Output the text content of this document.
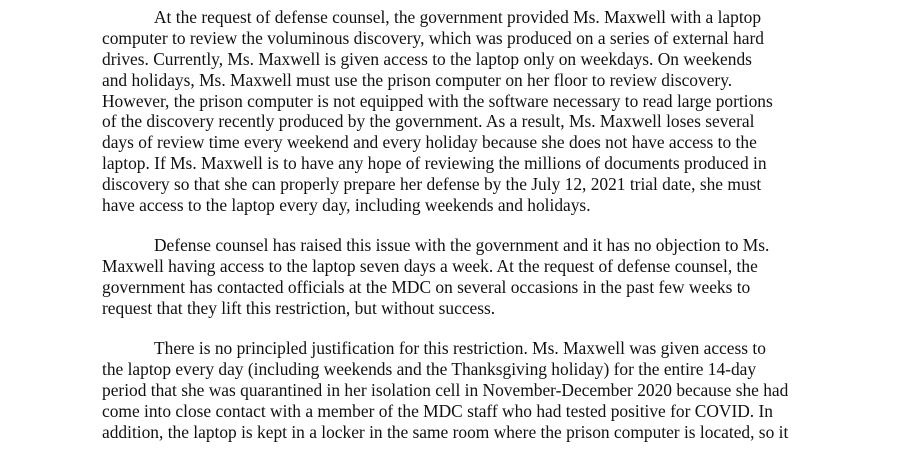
At the request of defense counsel, the government provided Ms. Maxwell with a laptop
computer to review the voluminous discovery, which was produced on a series of external hard
drives. Currently, Ms. Maxwell is given access to the laptop only on weekdays. On weekends
and holidays, Ms. Maxwell must use the prison computer on her floor to review discovery.
However, the prison computer is not equipped with the software necessary to read large portions
of the discovery recently produced by the government. As a result, Ms. Maxwell loses several
days of review time every weekend and every holiday because she does not have access to the
laptop. If Ms. Maxwell is to have any hope of reviewing the millions of documents produced in
discovery so that she can properly prepare her defense by the July 12, 2021 trial date, she must
have access to the laptop every day, including weekends and holidays.

Defense counsel has raised this issue with the government and it has no objection to Ms.
Maxwell having access to the laptop seven days a week. At the request of defense counsel, the
government has contacted officials at the MDC on several occasions in the past few weeks to
request that they lift this restriction, but without success.

There is no principled justification for this restriction. Ms. Maxwell was given access to
the laptop every day (including weekends and the Thanksgiving holiday) for the entire 14-day
period that she was quarantined in her isolation cell in November-December 2020 because she had
come into close contact with a member of the MDC staff who had tested positive for COVID. In
addition, the laptop is kept in a locker in the same room where the prison computer is located, so it
